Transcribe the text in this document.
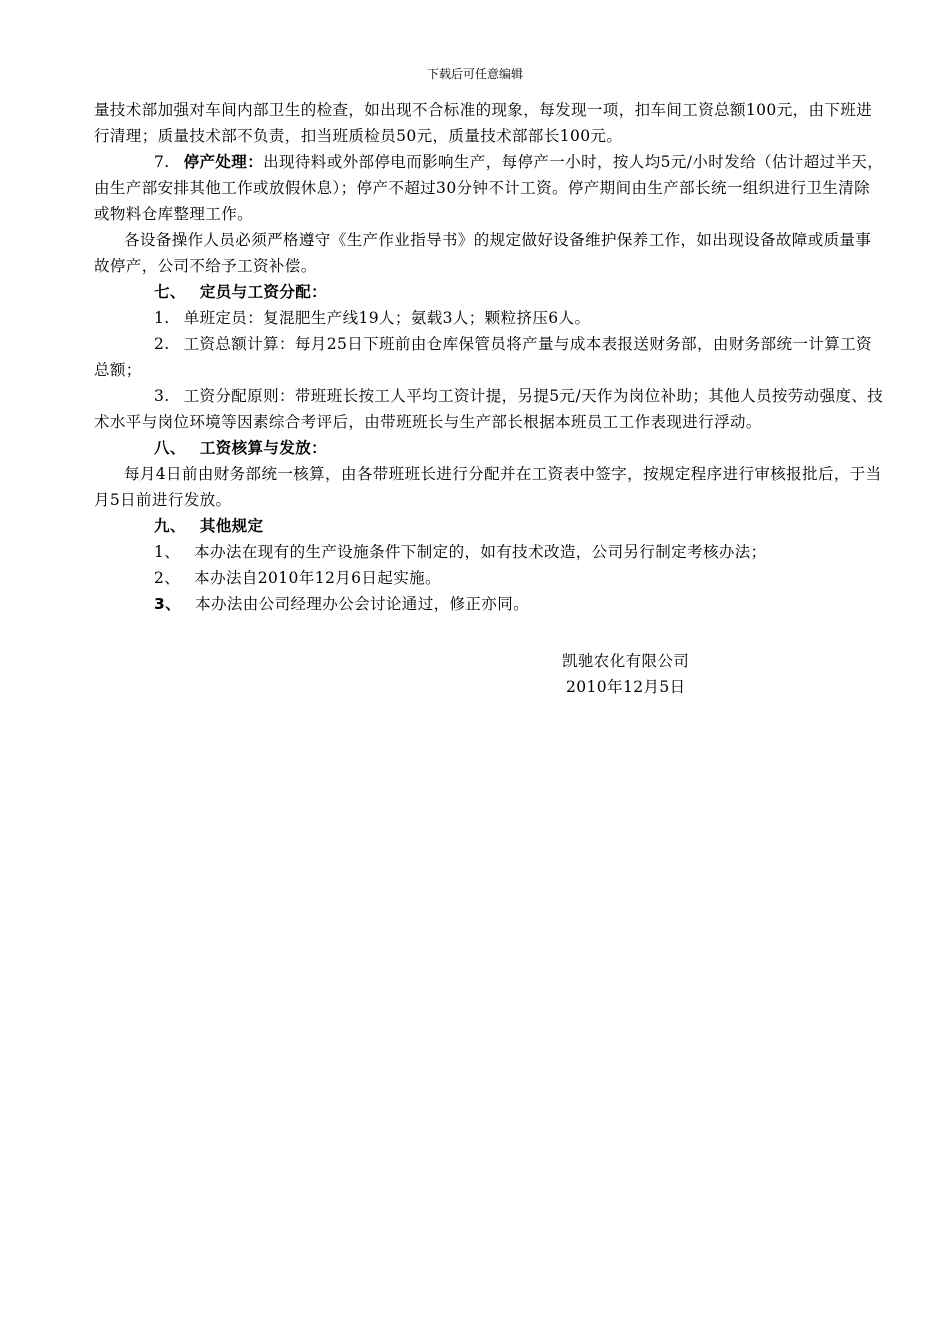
下载后可任意编辑

量技术部加强对车间内部卫生的检查，如出现不合标准的现象，每发现一项，扣车间工资总额100元，由下班进行清理；质量技术部不负责，扣当班质检员50元，质量技术部部长100元。

7. 停产处理：出现待料或外部停电而影响生产，每停产一小时，按人均5元/小时发给（估计超过半天，由生产部安排其他工作或放假休息）；停产不超过30分钟不计工资。停产期间由生产部长统一组织进行卫生清除或物料仓库整理工作。

各设备操作人员必须严格遵守《生产作业指导书》的规定做好设备维护保养工作，如出现设备故障或质量事故停产，公司不给予工资补偿。

七、 定员与工资分配：

1. 单班定员：复混肥生产线19人；氨载3人；颗粒挤压6人。

2. 工资总额计算：每月25日下班前由仓库保管员将产量与成本表报送财务部，由财务部统一计算工资总额；

3. 工资分配原则：带班班长按工人平均工资计提，另提5元/天作为岗位补助；其他人员按劳动强度、技术水平与岗位环境等因素综合考评后，由带班班长与生产部长根据本班员工工作表现进行浮动。

八、 工资核算与发放：

每月4日前由财务部统一核算，由各带班班长进行分配并在工资表中签字，按规定程序进行审核报批后，于当月5日前进行发放。

九、 其他规定

1、 本办法在现有的生产设施条件下制定的，如有技术改造，公司另行制定考核办法；

2、 本办法自2010年12月6日起实施。

3、 本办法由公司经理办公会讨论通过，修正亦同。

凯驰农化有限公司
2010年12月5日
